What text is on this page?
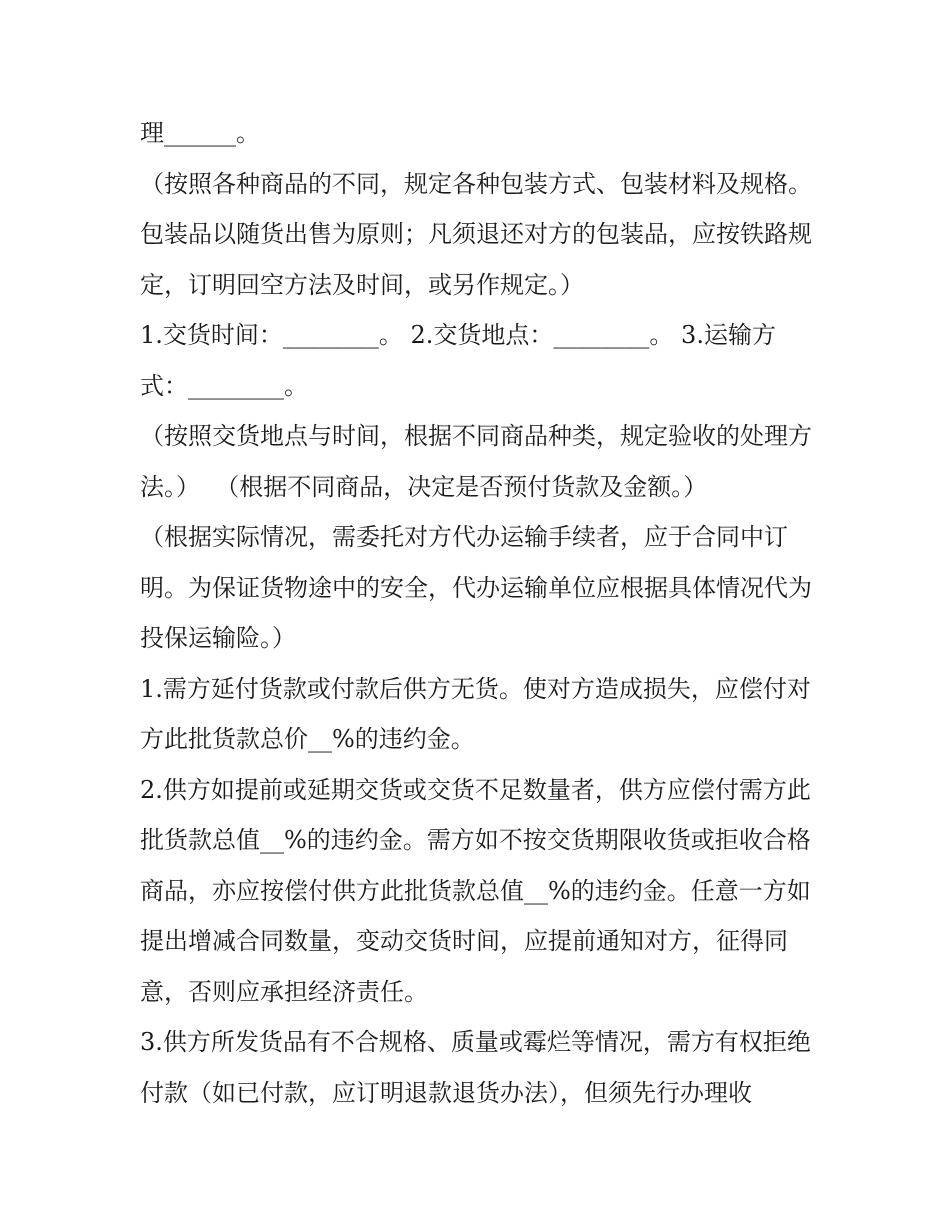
理______。

（按照各种商品的不同，规定各种包装方式、包装材料及规格。包装品以随货出售为原则；凡须退还对方的包装品，应按铁路规定，订明回空方法及时间，或另作规定。）

1.交货时间：________。 2.交货地点：________。 3.运输方式：________。

（按照交货地点与时间，根据不同商品种类，规定验收的处理方法。）  （根据不同商品，决定是否预付货款及金额。）

（根据实际情况，需委托对方代办运输手续者，应于合同中订明。为保证货物途中的安全，代办运输单位应根据具体情况代为投保运输险。）

1.需方延付货款或付款后供方无货。使对方造成损失，应偿付对方此批货款总价__%的违约金。

2.供方如提前或延期交货或交货不足数量者，供方应偿付需方此批货款总值__%的违约金。需方如不按交货期限收货或拒收合格商品，亦应按偿付供方此批货款总值__%的违约金。任意一方如提出增减合同数量，变动交货时间，应提前通知对方，征得同意，否则应承担经济责任。

3.供方所发货品有不合规格、质量或霉烂等情况，需方有权拒绝付款（如已付款，应订明退款退货办法），但须先行办理收
